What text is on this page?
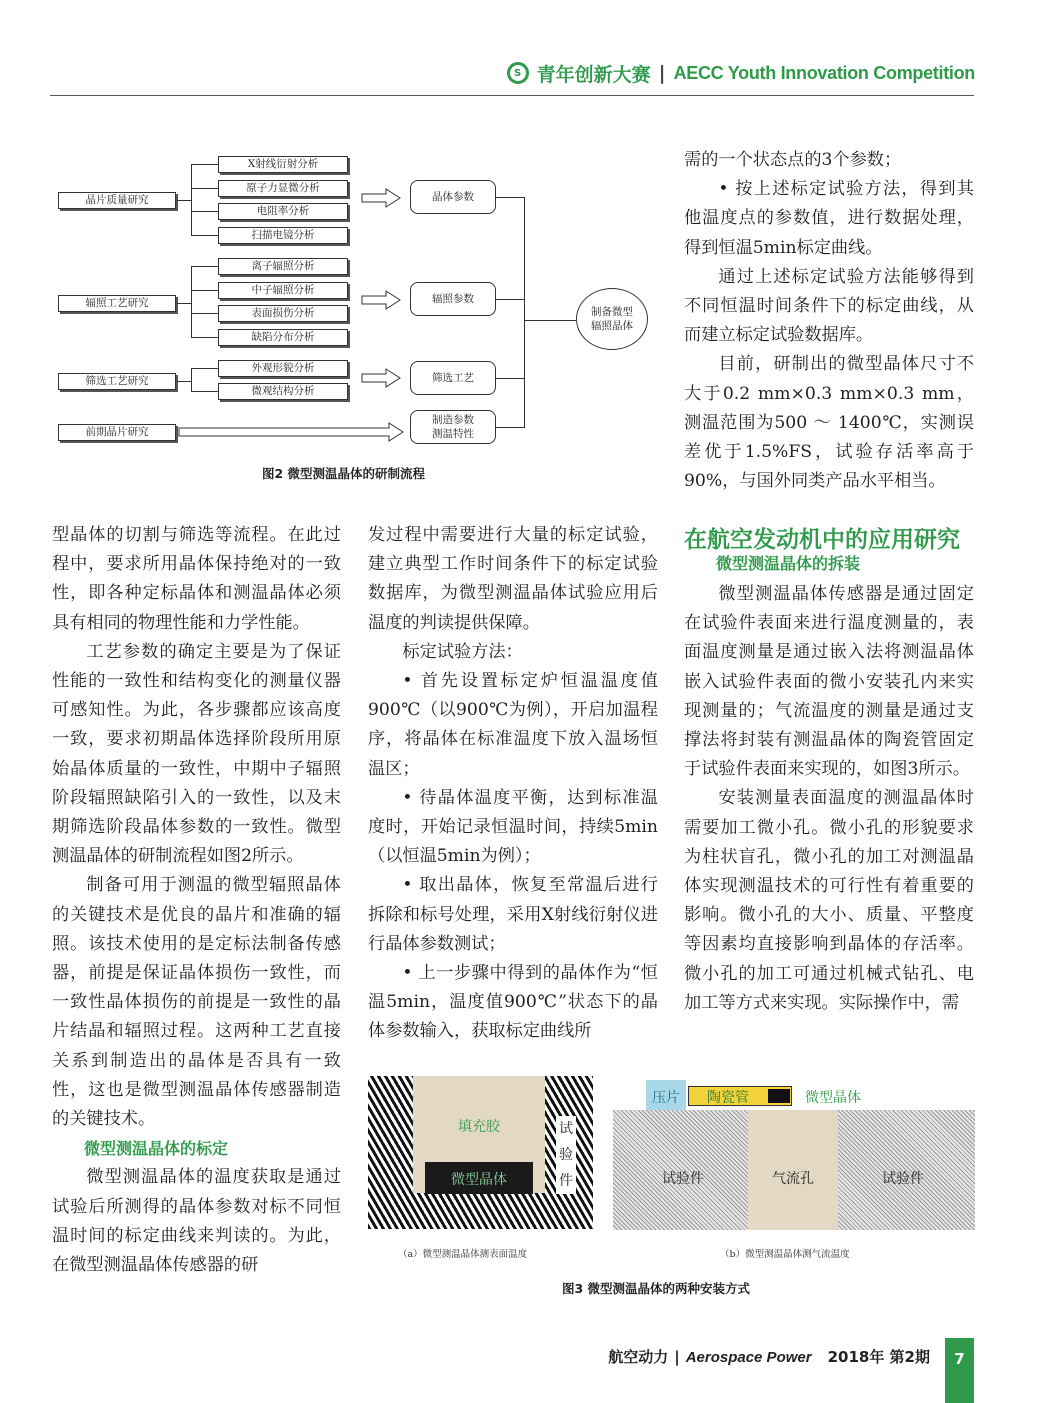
S 青年创新大赛 | AECC Youth Innovation Competition
晶片质量研究
辐照工艺研究
筛选工艺研究
前期晶片研究
X射线衍射分析
原子力显微分析
电阻率分析
扫描电镜分析
离子辐照分析
中子辐照分析
表面损伤分析
缺陷分布分析
外观形貌分析
微观结构分析
晶体参数
辐照参数
筛选工艺
制造参数
测温特性
制备微型
辐照晶体
图2 微型测温晶体的研制流程

需的一个状态点的3个参数；

• 按上述标定试验方法，得到其他温度点的参数值，进行数据处理，得到恒温5min标定曲线。

通过上述标定试验方法能够得到不同恒温时间条件下的标定曲线，从而建立标定试验数据库。

目前，研制出的微型晶体尺寸不大于0.2 mm×0.3 mm×0.3 mm，测温范围为500 ～ 1400℃，实测误差优于1.5%FS，试验存活率高于90%，与国外同类产品水平相当。

型晶体的切割与筛选等流程。在此过程中，要求所用晶体保持绝对的一致性，即各种定标晶体和测温晶体必须具有相同的物理性能和力学性能。

工艺参数的确定主要是为了保证性能的一致性和结构变化的测量仪器可感知性。为此，各步骤都应该高度一致，要求初期晶体选择阶段所用原始晶体质量的一致性，中期中子辐照阶段辐照缺陷引入的一致性，以及末期筛选阶段晶体参数的一致性。微型测温晶体的研制流程如图2所示。

制备可用于测温的微型辐照晶体的关键技术是优良的晶片和准确的辐照。该技术使用的是定标法制备传感器，前提是保证晶体损伤一致性，而一致性晶体损伤的前提是一致性的晶片结晶和辐照过程。这两种工艺直接关系到制造出的晶体是否具有一致性，这也是微型测温晶体传感器制造的关键技术。

微型测温晶体的标定

微型测温晶体的温度获取是通过试验后所测得的晶体参数对标不同恒温时间的标定曲线来判读的。为此，在微型测温晶体传感器的研

发过程中需要进行大量的标定试验，建立典型工作时间条件下的标定试验数据库，为微型测温晶体试验应用后温度的判读提供保障。

标定试验方法：

• 首先设置标定炉恒温温度值900℃（以900℃为例），开启加温程序，将晶体在标准温度下放入温场恒温区；

• 待晶体温度平衡，达到标准温度时，开始记录恒温时间，持续5min（以恒温5min为例）；

• 取出晶体，恢复至常温后进行拆除和标号处理，采用X射线衍射仪进行晶体参数测试；

• 上一步骤中得到的晶体作为“恒温5min，温度值900℃”状态下的晶体参数输入，获取标定曲线所

在航空发动机中的应用研究
微型测温晶体的拆装

微型测温晶体传感器是通过固定在试验件表面来进行温度测量的，表面温度测量是通过嵌入法将测温晶体嵌入试验件表面的微小安装孔内来实现测量的；气流温度的测量是通过支撑法将封装有测温晶体的陶瓷管固定于试验件表面来实现的，如图3所示。

安装测量表面温度的测温晶体时需要加工微小孔。微小孔的形貌要求为柱状盲孔，微小孔的加工对测温晶体实现测温技术的可行性有着重要的影响。微小孔的大小、质量、平整度等因素均直接影响到晶体的存活率。微小孔的加工可通过机械式钻孔、电加工等方式来实现。实际操作中，需

填充胶
微型晶体
试
验
件
（a）微型测温晶体测表面温度
压片	陶瓷管	微型晶体
试验件	气流孔	试验件
（b）微型测温晶体测气流温度
图3 微型测温晶体的两种安装方式
航空动力 | Aerospace Power 2018年 第2期	7
